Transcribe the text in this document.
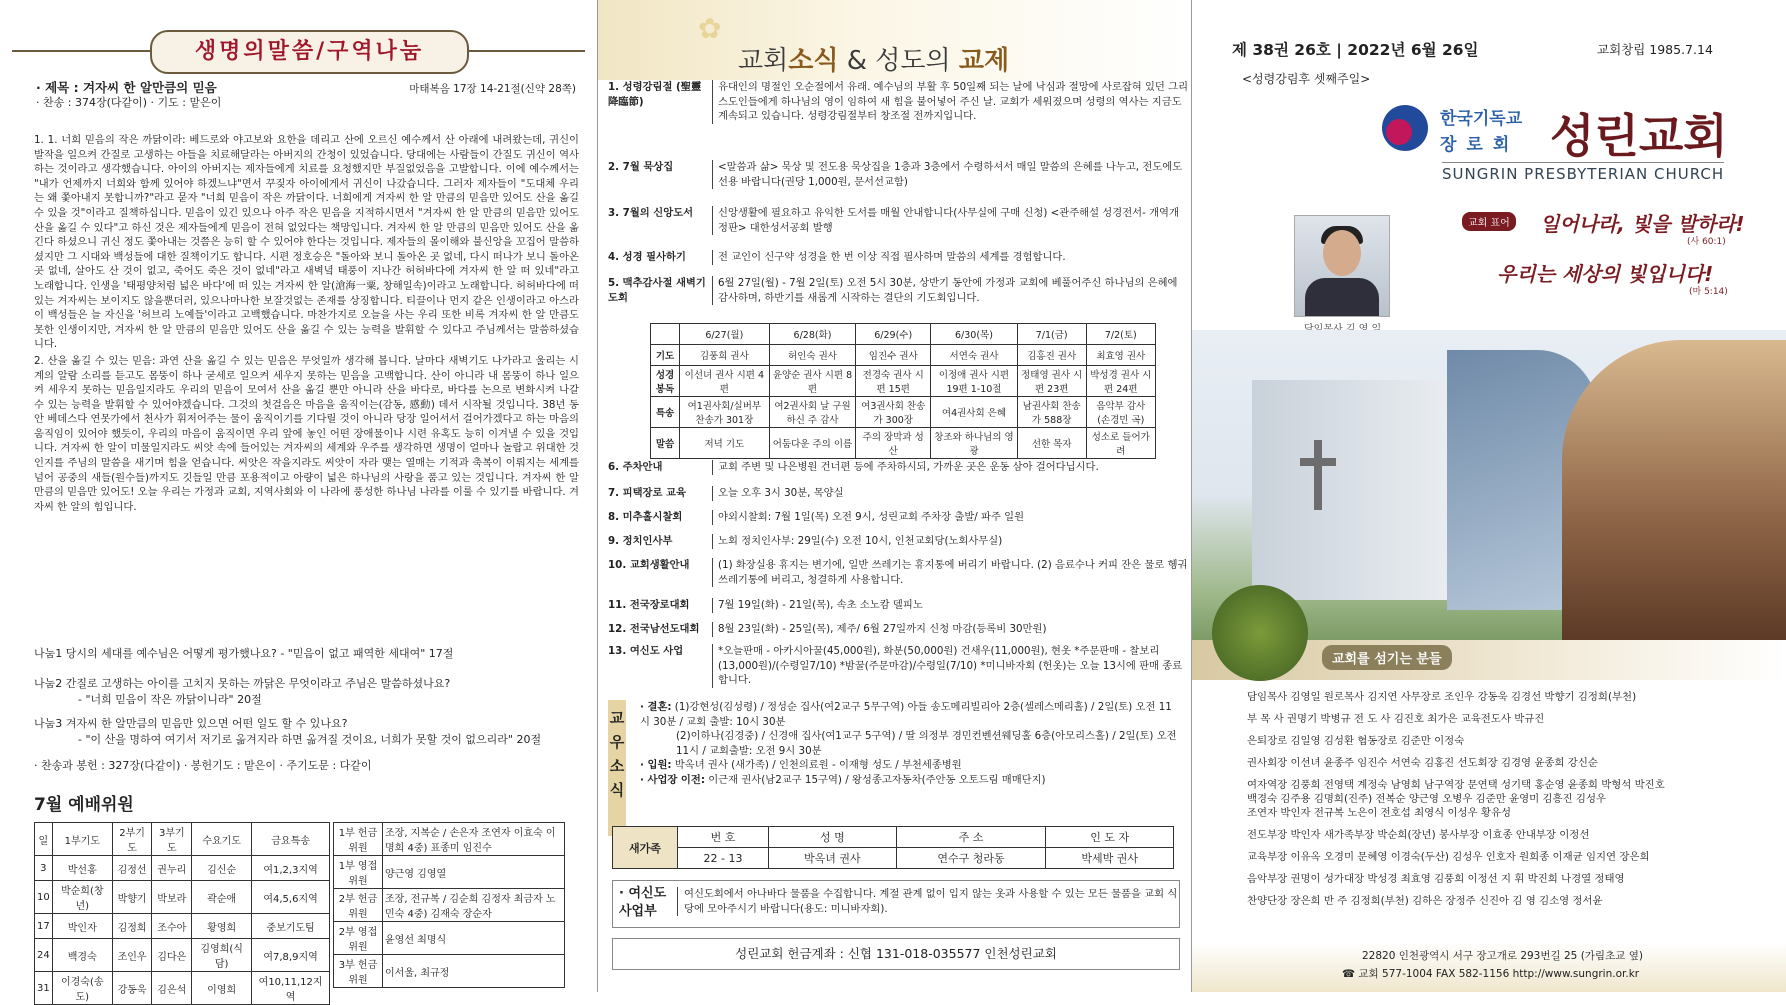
생명의말씀/구역나눔
· 제목 : 겨자씨 한 알만큼의 믿음	마태복음 17장 14-21절(신약 28쪽)
· 찬송 : 374장(다같이) · 기도 : 맡은이

1. 1. 너희 믿음의 작은 까닭이라: 베드로와 야고보와 요한을 데리고 산에 오르신 예수께서 산 아래에 내려왔는데, 귀신이 발작을 일으켜 간질로 고생하는 아들을 치료해달라는 아버지의 간청이 있었습니다. 당대에는 사람들이 간질도 귀신이 역사하는 것이라고 생각했습니다. 아이의 아버지는 제자들에게 치료를 요청했지만 부질없었음을 고발합니다. 이에 예수께서는 "내가 언제까지 너희와 함께 있어야 하겠느냐"면서 꾸짖자 아이에게서 귀신이 나갔습니다. 그러자 제자들이 "도대체 우리는 왜 쫓아내지 못합니까?"라고 묻자 "너희 믿음이 작은 까닭이다. 너희에게 겨자씨 한 알 만큼의 믿음만 있어도 산을 옮길 수 있을 것"이라고 질책하십니다. 믿음이 있긴 있으나 아주 작은 믿음을 지적하시면서 "겨자씨 한 알 만큼의 믿음만 있어도 산을 옮길 수 있다"고 하신 것은 제자들에게 믿음이 전혀 없었다는 책망입니다. 겨자씨 한 알 만큼의 믿음만 있어도 산을 옮긴다 하셨으니 귀신 정도 쫓아내는 것쯤은 능히 할 수 있어야 한다는 것입니다. 제자들의 몰이해와 불신앙을 꼬집어 말씀하셨지만 그 시대와 백성들에 대한 질책이기도 합니다. 시편 정호승은 "돌아와 보니 돌아온 곳 없네, 다시 떠나가 보니 돌아온 곳 없네, 살아도 산 것이 없고, 죽어도 죽은 것이 없네"라고 새벽녘 태풍이 지나간 허허바다에 겨자씨 한 알 떠 있네"라고 노래합니다. 인생을 '태평양처럼 넓은 바다'에 떠 있는 겨자씨 한 알(滄海一粟, 창해일속)이라고 노래합니다. 허허바다에 떠 있는 겨자씨는 보이지도 않을뿐더러, 있으나마나한 보잘것없는 존재를 상징합니다. 티끌이나 먼지 같은 인생이라고 아스라이 백성들은 늘 자신을 '허브리 노예들'이라고 고백했습니다. 마찬가지로 오늘을 사는 우리 또한 비록 겨자씨 한 알 만큼도 못한 인생이지만, 겨자씨 한 알 만큼의 믿음만 있어도 산을 옮길 수 있는 능력을 발휘할 수 있다고 주님께서는 말씀하셨습니다.

2. 산을 옮길 수 있는 믿음: 과연 산을 옮길 수 있는 믿음은 무엇일까 생각해 봅니다. 날마다 새벽기도 나가라고 울리는 시계의 알람 소리를 듣고도 몸뚱이 하나 굳세로 일으켜 세우지 못하는 믿음을 고백합니다. 산이 아니라 내 몸뚱이 하나 일으켜 세우지 못하는 믿음일지라도 우리의 믿음이 모여서 산을 옮길 뿐만 아니라 산을 바다로, 바다를 논으로 변화시켜 나갈 수 있는 능력을 발휘할 수 있어야겠습니다. 그것의 첫걸음은 마음을 움직이는(감동, 感動) 데서 시작될 것입니다. 38년 동안 베데스다 연못가에서 천사가 휘저어주는 물이 움직이기를 기다릴 것이 아니라 당장 일어서서 걸어가겠다고 하는 마음의 움직임이 있어야 했듯이, 우리의 마음이 움직이면 우리 앞에 놓인 어떤 장애물이나 시련 유혹도 능히 이겨낼 수 있을 것입니다. 겨자씨 한 알이 미물일지라도 씨앗 속에 들어있는 겨자씨의 세계와 우주를 생각하면 생명이 얼마나 놀랍고 위대한 것인지를 주님의 말씀을 새기며 힘을 얻습니다. 씨앗은 작을지라도 씨앗이 자라 맺는 열매는 기적과 축복이 이뤄지는 세계를 넘어 공중의 새들(원수들)까지도 깃들일 만큼 포용적이고 아량이 넓은 하나님의 사랑을 품고 있는 것입니다. 겨자씨 한 알 만큼의 믿음만 있어도! 오늘 우리는 가정과 교회, 지역사회와 이 나라에 풍성한 하나님 나라를 이룰 수 있기를 바랍니다. 겨자씨 한 알의 힘입니다.

나눔1 당시의 세대를 예수님은 어떻게 평가했나요? - "믿음이 없고 패역한 세대여" 17절
나눔2 간질로 고생하는 아이를 고치지 못하는 까닭은 무엇이라고 주님은 말씀하셨나요?
- "너희 믿음이 작은 까닭이니라" 20절
나눔3 겨자씨 한 알만큼의 믿음만 있으면 어떤 일도 할 수 있나요?
- "이 산을 명하여 여기서 저기로 옮겨지라 하면 옮겨질 것이요, 너희가 못할 것이 없으리라" 20절
· 찬송과 봉헌 : 327장(다같이) · 봉헌기도 : 맡은이 · 주기도문 : 다같이
7월 예배위원
일	1부기도	2부기도	3부기도	수요기도	금요특송
3	박선홍	김정선	권누리	김신순	여1,2,3지역
10	박순희(창년)	박향기	박보라	곽순애	여4,5,6지역
17	박인자	김정희	조수아	황영희	중보기도팀
24	백경숙	조인우	김다은	김영희(식담)	여7,8,9지역
31	이경숙(송도)	강동욱	김은석	이영희	여10,11,12지역
1부 헌금위원	조장, 지복순 / 손은자 조연자 이효숙 이명희 4중) 표종미 임진수
1부 영접위원	양근영 김영열
2부 헌금위원	조장, 전규복 / 김순희 김정자 최금자 노민숙 4중) 김재숙 장순자
2부 영접위원	윤영선 최명식
3부 헌금위원	이서울, 최규정
✿
교회소식 & 성도의 교제
1. 성령강림절 (聖靈降臨節)
유대인의 명절인 오순절에서 유래. 예수님의 부활 후 50일째 되는 날에 낙심과 절망에 사로잡혀 있던 그리스도인들에게 하나님의 영이 임하여 새 힘을 불어넣어 주신 날. 교회가 세워졌으며 성령의 역사는 지금도 계속되고 있습니다. 성령강림절부터 창조절 전까지입니다.
2. 7월 묵상집	<말씀과 삶> 묵상 및 전도용 묵상집을 1층과 3층에서 수령하셔서 매일 말씀의 은혜를 나누고, 전도에도 선용 바랍니다(권당 1,000원, 문서선교함)
3. 7월의 신앙도서	신앙생활에 필요하고 유익한 도서를 매월 안내합니다(사무실에 구매 신청) <관주해설 성경전서- 개역개정판> 대한성서공회 발행
4. 성경 필사하기	전 교인이 신구약 성경을 한 번 이상 직접 필사하며 말씀의 세계를 경험합니다.
5. 맥추감사절 새벽기도회
6월 27일(월) - 7월 2일(토) 오전 5시 30분, 상반기 동안에 가정과 교회에 베풀어주신 하나님의 은혜에 감사하며, 하반기를 새롭게 시작하는 결단의 기도회입니다.
6. 주차안내	교회 주변 및 나은병원 건너편 등에 주차하시되, 가까운 곳은 운동 삼아 걸어다닙시다.
7. 피택장로 교육	오늘 오후 3시 30분, 목양실
8. 미추홀시찰회	야외시찰회: 7월 1일(목) 오전 9시, 성린교회 주차장 출발/ 파주 일원
9. 정치인사부	노회 정치인사부: 29일(수) 오전 10시, 인천교회당(노회사무실)
10. 교회생활안내	(1) 화장실용 휴지는 변기에, 일반 쓰레기는 휴지통에 버리기 바랍니다. (2) 음료수나 커피 잔은 물로 헹궈 쓰레기통에 버리고, 청결하게 사용합니다.
11. 전국장로대회	7월 19일(화) - 21일(목), 속초 소노캄 델피노
12. 전국남선도대회	8월 23일(화) - 25일(목), 제주/ 6월 27일까지 신청 마감(등록비 30만원)
13. 여신도 사업	*오늘판매 - 아카시아꿀(45,000원), 화분(50,000원) 건새우(11,000원), 현옷 *주문판매 - 찰보리(13,000원)/(수령일7/10) *밤꿀(주문마감)/수령일(7/10) *미니바자회 (헌옷)는 오늘 13시에 판매 종료합니다.
	6/27(월)	6/28(화)	6/29(수)	6/30(목)	7/1(금)	7/2(토)
기도	김풍희 권사	허인숙 권사	임진수 권사	서연숙 권사	김홍진 권사	최효영 권사
성경봉독	이선녀 권사 시편 4편	윤양순 권사 시편 8편	전경숙 권사 시편 15편	이정애 권사 시편 19편 1-10절	정태영 권사 시편 23편	박성경 권사 시편 24편
특송	여1권사회/실버부 찬송가 301장	여2권사회 날 구원하신 주 감사	여3권사회 찬송가 300장	여4권사회 은혜	남권사회 찬송가 588장	음악부 감사 (손경민 곡)
말씀	저녁 기도	어둠다운 주의 이름	주의 장막과 성산	창조와 하나님의 영광	선한 목자	성소로 들어가려
교우소식
· 결혼: (1)강현성(김성령) / 정성순 집사(여2교구 5무구역) 아들 송도메리빌리아 2층(셀레스메리홀) / 2일(토) 오전 11시 30분 / 교회 출발: 10시 30분
(2)이하나(김경중) / 신경애 집사(여1교구 5구역) / 딸 의정부 경민컨벤션웨딩홀 6층(아모리스홀) / 2일(토) 오전 11시 / 교회출발: 오전 9시 30분
· 입원: 박옥녀 권사 (새가족) / 인천의료원 - 이재형 성도 / 부천세종병원
· 사업장 이전: 이근재 권사(남2교구 15구역) / 왕성종고자동차(주안동 오토드림 매매단지)
새가족	번 호	성 명	주 소	인 도 자
	22 - 13	박옥녀 권사	연수구 청라동	박세박 권사
· 여신도 사업부
여신도회에서 아나바다 물품을 수집합니다. 계절 관계 없이 입지 않는 옷과 사용할 수 있는 모든 물품을 교회 식당에 모아주시기 바랍니다(용도: 미니바자회).
성린교회 헌금계좌 : 신협 131-018-035577 인천성린교회
제 38권 26호 | 2022년 6월 26일	교회창립 1985.7.14
<성령강림후 셋째주일>
한국기독교
장로회 성린교회
SUNGRIN PRESBYTERIAN CHURCH
교회 표어	일어나라, 빛을 발하라!
(사 60:1)
우리는 세상의 빛입니다!
(마 5:14)
교회를 섬기는 분들
담임목사 김영일 원로목사 김지연 사무장로 조인우 강동욱 김경선 박향기 김정희(부천)
부 목 사 권명기 박병규 전 도 사 김진호 최가은 교육전도사 박규진
은퇴장로 김일영 김성환 협동장로 김준만 이정숙
권사회장 이선녀 윤종주 임진수 서연숙 김홍진 선도회장 김경영 윤종희 강신순
여자역장 김풍희 전영택 계정숙 남영희 남구역장 문연택 성기택 홍순영 윤종희 박형석 박진호
백경숙 김주용 김명희(진주) 전복순 양근영 오병우 김준만 윤영미 김흥진 김성우
조연자 박인자 전규복 노은이 전호섭 최영식 이성우 황유성
전도부장 박인자 새가족부장 박순희(장년) 봉사부장 이효종 안내부장 이정선
교육부장 이유옥 오경미 문혜영 이경숙(두산) 김성우 인호자 원희종 이재균 임지연 장은희
음악부장 권명이 성가대장 박성경 최효영 김풍희 이정선 지 휘 박진희 나경열 정태영
찬양단장 장은희 반 주 김정희(부천) 김하은 장정주 신진아 김 영 김소영 정서윤
22820 인천광역시 서구 장고개로 293번길 25 (가림초교 옆)
☎ 교회 577-1004 FAX 582-1156 http://www.sungrin.or.kr
